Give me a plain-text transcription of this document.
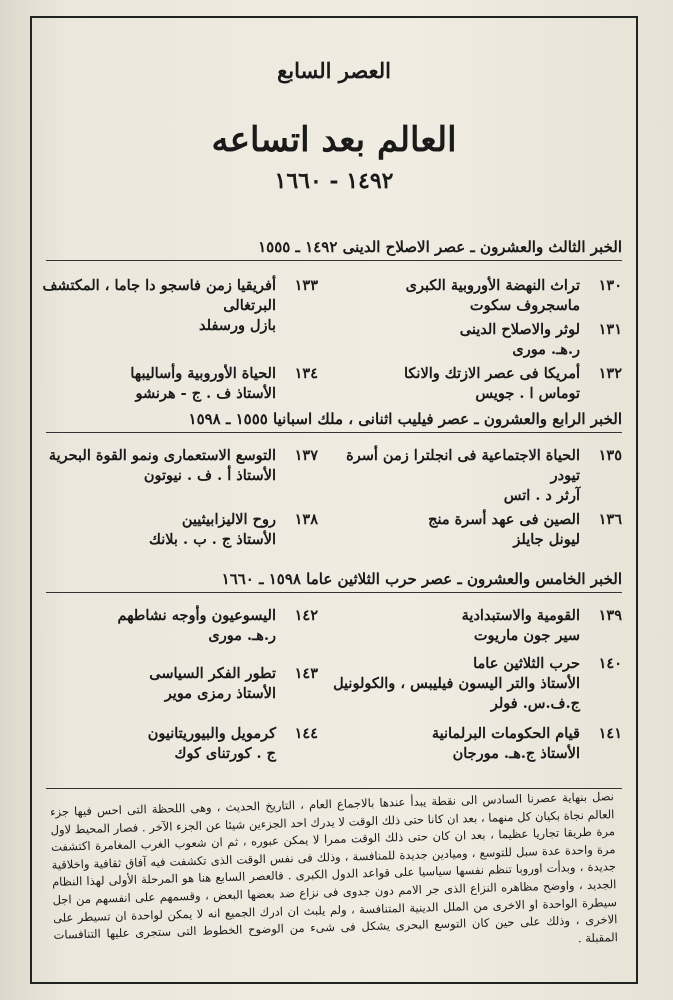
العصر السابع
العالم بعد اتساعه
١٤٩٢ - ١٦٦٠
الخبر الثالث والعشرون ـ عصر الاصلاح الدينى ١٤٩٢ ـ ١٥٥٥
١٣٠
تراث النهضة الأوروبية الكبرى
ماسجروف سكوت
١٣١
لوثر والاصلاح الدينى
ر.هـ. مورى
١٣٢
أمريكا فى عصر الازتك والانكا
توماس ا . جويس
١٣٣
أفريقيا زمن فاسجو دا جاما ، المكتشف البرتغالى
بازل ورسفلد
١٣٤
الحياة الأوروبية وأساليبها
الأستاذ ف . ج - هرنشو
الخبر الرابع والعشرون ـ عصر فيليب اثنانى ، ملك اسبانيا ١٥٥٥ ـ ١٥٩٨
١٣٥
الحياة الاجتماعية فى انجلترا زمن أسرة تيودر
آرثر د . اتس
١٣٦
الصين فى عهد أسرة منج
ليونل جايلز
١٣٧
التوسع الاستعمارى ونمو القوة البحرية
الأستاذ أ . ف . نيوتون
١٣٨
روح الاليزابيثيين
الأستاذ ج . ب . بلانك
الخبر الخامس والعشرون ـ عصر حرب الثلاثين عاما ١٥٩٨ ـ ١٦٦٠
١٣٩
القومية والاستبدادية
سير جون ماريوت
١٤٠
حرب الثلاثين عاما
الأستاذ والتر اليسون فيليبس ، والكولونيل ج.ف.س. فولر
١٤١
قيام الحكومات البرلمانية
الأستاذ ج.هـ. مورجان
١٤٢
اليسوعيون وأوجه نشاطهم
ر.هـ. مورى
١٤٣
تطور الفكر السياسى
الأستاذ رمزى موير
١٤٤
كرمويل والبيوريتانيون
ج . كورتناى كوك
نصل بنهاية عصرنا السادس الى نقطة يبدأ عندها بالاجماع العام ، التاريخ الحديث ، وهى اللحظة التى احس فيها جزء العالم نجاة بكيان كل منهما ، بعد ان كانا حتى ذلك الوقت لا يدرك احد الجزءين شيئا عن الجزء الآخر . فصار المحيط لاول مرة طريقا تجاريا عظيما ، بعد ان كان حتى ذلك الوقت ممرا لا يمكن عبوره ، ثم ان شعوب الغرب المغامرة اكتشفت مرة واحدة عدة سبل للتوسع ، وميادين جديدة للمنافسة ، وذلك فى نفس الوقت الذى تكشفت فيه آفاق ثقافية واخلاقية جديدة ، وبدأت اوروبا تنظم نفسها سياسيا على قواعد الدول الكبرى . فالعصر السابع هنا هو المرحلة الأولى لهذا النظام الجديد ، واوضح مظاهره النزاع الذى جر الامم دون جدوى فى نزاع ضد بعضها البعض ، وقسمهم على انفسهم من اجل سيطرة الواحدة او الاخرى من الملل الدينية المتنافسة ، ولم يلبث ان ادرك الجميع انه لا يمكن لواحدة ان تسيطر على الاخرى ، وذلك على حين كان التوسع البحرى يشكل فى شىء من الوضوح الخطوط التى ستجرى عليها التنافسات المقبلة .
